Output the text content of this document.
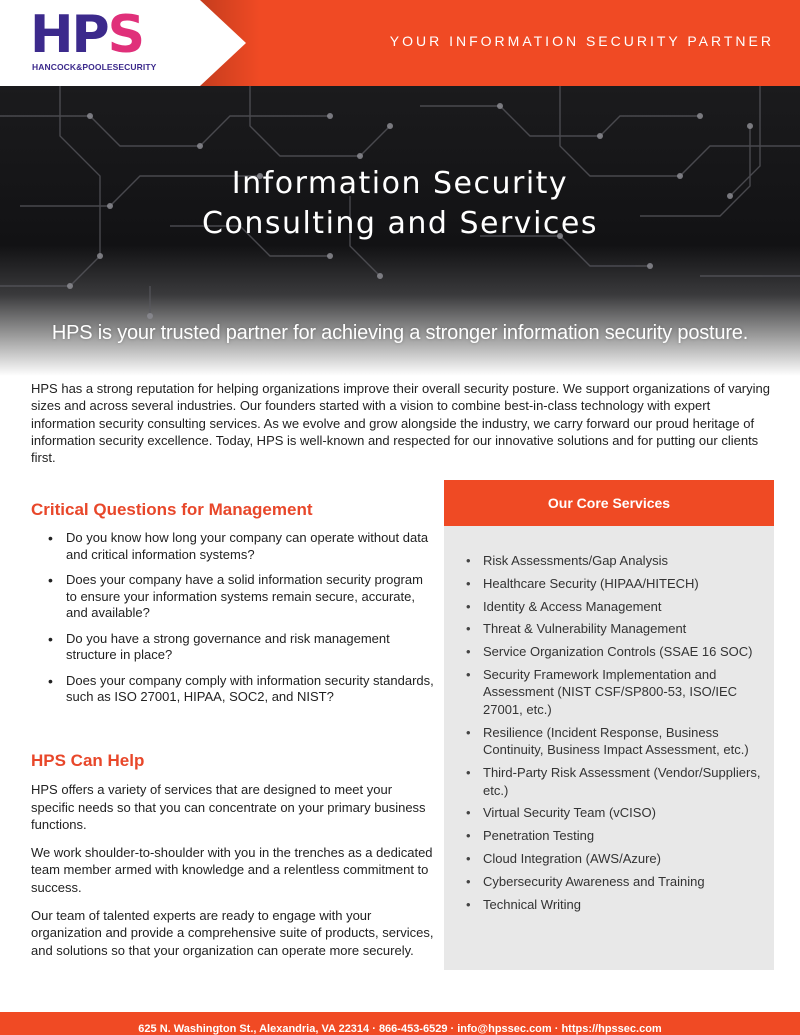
HPS
HANCOCK&POOLESECURITY
YOUR INFORMATION SECURITY PARTNER
Information Security
Consulting and Services
HPS is your trusted partner for achieving a stronger information security posture.

HPS has a strong reputation for helping organizations improve their overall security posture. We support organizations of varying sizes and across several industries. Our founders started with a vision to combine best-in-class technology with expert information security consulting services. As we evolve and grow alongside the industry, we carry forward our proud heritage of information security excellence. Today, HPS is well-known and respected for our innovative solutions and for putting our clients first.

Critical Questions for Management
• Do you know how long your company can operate without data and critical information systems?
• Does your company have a solid information security program to ensure your information systems remain secure, accurate, and available?
• Do you have a strong governance and risk management structure in place?
• Does your company comply with information security standards, such as ISO 27001, HIPAA, SOC2, and NIST?
HPS Can Help

HPS offers a variety of services that are designed to meet your specific needs so that you can concentrate on your primary business functions.

We work shoulder-to-shoulder with you in the trenches as a dedicated team member armed with knowledge and a relentless commitment to success.

Our team of talented experts are ready to engage with your organization and provide a comprehensive suite of products, services, and solutions so that your organization can operate more securely.

Our Core Services
• Risk Assessments/Gap Analysis
• Healthcare Security (HIPAA/HITECH)
• Identity & Access Management
• Threat & Vulnerability Management
• Service Organization Controls (SSAE 16 SOC)
• Security Framework Implementation and Assessment (NIST CSF/SP800-53, ISO/IEC 27001, etc.)
• Resilience (Incident Response, Business Continuity, Business Impact Assessment, etc.)
• Third-Party Risk Assessment (Vendor/Suppliers, etc.)
• Virtual Security Team (vCISO)
• Penetration Testing
• Cloud Integration (AWS/Azure)
• Cybersecurity Awareness and Training
• Technical Writing
625 N. Washington St., Alexandria, VA 22314 · 866-453-6529 · info@hpssec.com · https://hpssec.com
